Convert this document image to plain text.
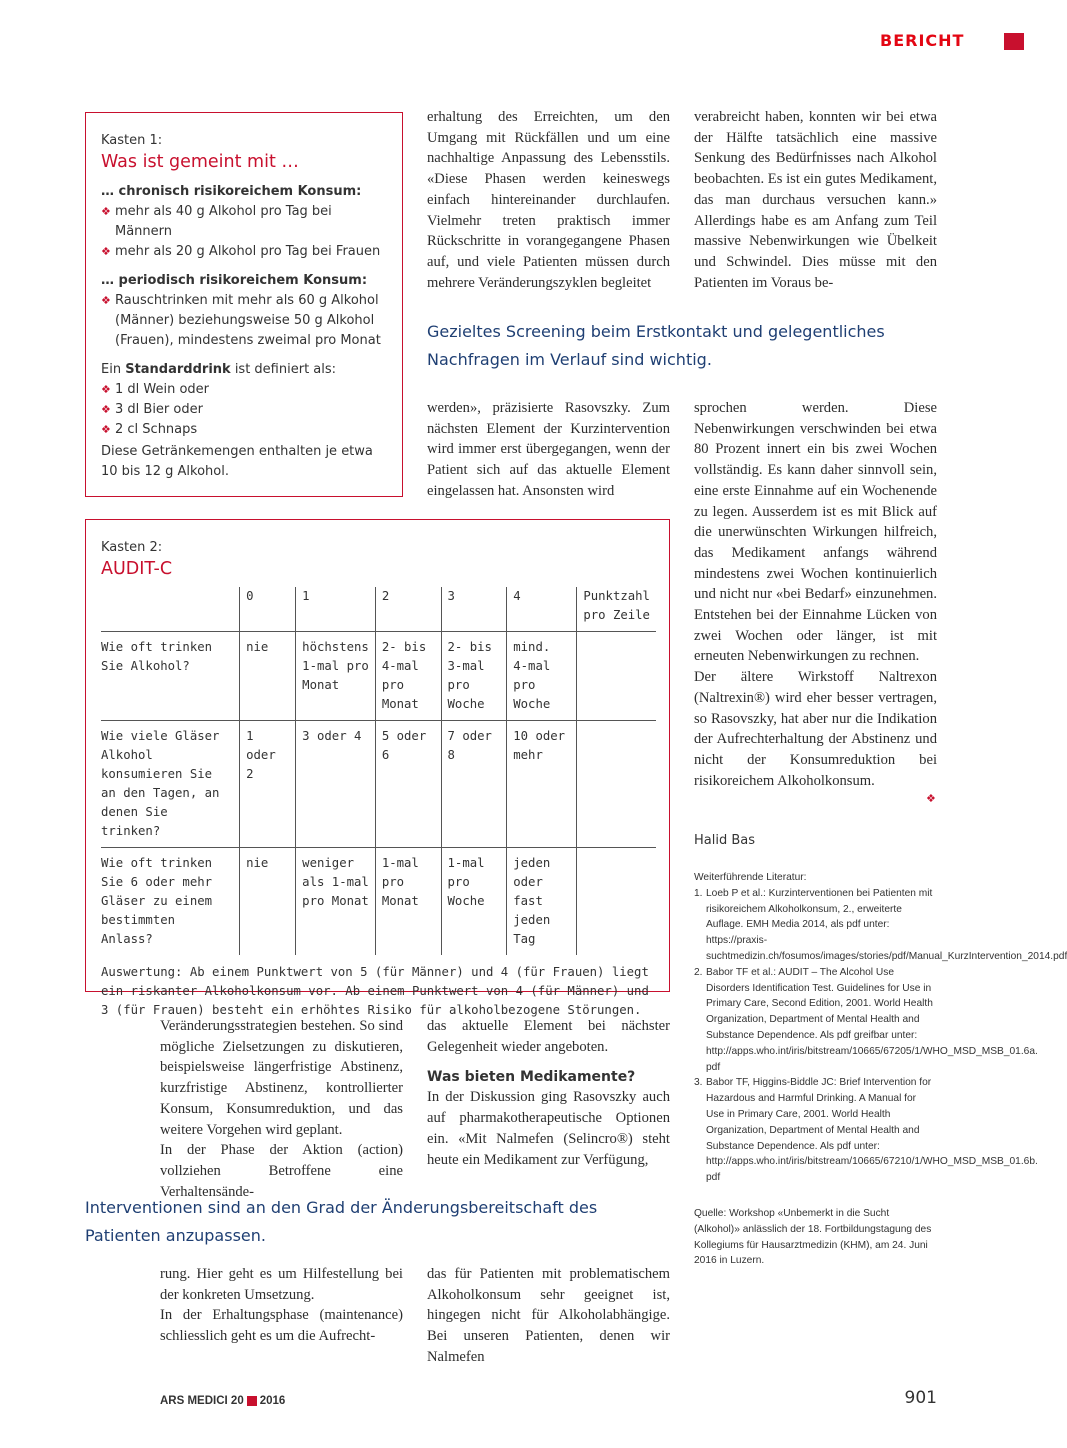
BERICHT
Kasten 1:
Was ist gemeint mit …
… chronisch risikoreichem Konsum:
❖ mehr als 40 g Alkohol pro Tag bei Männern
❖ mehr als 20 g Alkohol pro Tag bei Frauen
… periodisch risikoreichem Konsum:
❖ Rauschtrinken mit mehr als 60 g Alkohol (Männer) beziehungsweise 50 g Alkohol (Frauen), mindestens zweimal pro Monat
Ein Standarddrink ist definiert als:
❖ 1 dl Wein oder
❖ 3 dl Bier oder
❖ 2 cl Schnaps
Diese Getränkemengen enthalten je etwa 10 bis 12 g Alkohol.
erhaltung des Erreichten, um den Umgang mit Rückfällen und um eine nachhaltige Anpassung des Lebensstils. «Diese Phasen werden keineswegs einfach hintereinander durchlaufen. Vielmehr treten praktisch immer Rückschritte in vorangegangene Phasen auf, und viele Patienten müssen durch mehrere Veränderungszyklen begleitet
verabreicht haben, konnten wir bei etwa der Hälfte tatsächlich eine massive Senkung des Bedürfnisses nach Alkohol beobachten. Es ist ein gutes Medikament, das man durchaus versuchen kann.» Allerdings habe es am Anfang zum Teil massive Nebenwirkungen wie Übelkeit und Schwindel. Dies müsse mit den Patienten im Voraus be-
Gezieltes Screening beim Erstkontakt und gelegentliches Nachfragen im Verlauf sind wichtig.
werden», präzisierte Rasovszky. Zum nächsten Element der Kurzintervention wird immer erst übergegangen, wenn der Patient sich auf das aktuelle Element eingelassen hat. Ansonsten wird

sprochen werden. Diese Nebenwirkungen verschwinden bei etwa 80 Prozent innert ein bis zwei Wochen vollständig. Es kann daher sinnvoll sein, eine erste Einnahme auf ein Wochenende zu legen. Ausserdem ist es mit Blick auf die unerwünschten Wirkungen hilfreich, das Medikament anfangs während mindestens zwei Wochen kontinuierlich und nicht nur «bei Bedarf» einzunehmen. Entstehen bei der Einnahme Lücken von zwei Wochen oder länger, ist mit erneuten Nebenwirkungen zu rechnen.

Der ältere Wirkstoff Naltrexon (Naltrexin®) wird eher besser vertragen, so Rasovszky, hat aber nur die Indikation der Aufrechterhaltung der Abstinenz und nicht der Konsumreduktion bei risikoreichem Alkoholkonsum.

❖
Kasten 2:
AUDIT-C
	0	1	2	3	4	Punktzahl pro Zeile
Wie oft trinken Sie Alkohol?	nie	höchstens 1-mal pro Monat	2- bis 4-mal pro Monat	2- bis 3-mal pro Woche	mind. 4-mal pro Woche	
Wie viele Gläser Alkohol konsumieren Sie an den Tagen, an denen Sie trinken?	1 oder 2	3 oder 4	5 oder 6	7 oder 8	10 oder mehr	
Wie oft trinken Sie 6 oder mehr Gläser zu einem bestimmten Anlass?	nie	weniger als 1-mal pro Monat	1-mal pro Monat	1-mal pro Woche	jeden oder fast jeden Tag	
Auswertung: Ab einem Punktwert von 5 (für Männer) und 4 (für Frauen) liegt ein riskanter Alkoholkonsum vor. Ab einem Punktwert von 4 (für Männer) und 3 (für Frauen) besteht ein erhöhtes Risiko für alkoholbezogene Störungen.

Veränderungsstrategien bestehen. So sind mögliche Zielsetzungen zu diskutieren, beispielsweise längerfristige Abstinenz, kurzfristige Abstinenz, kontrollierter Konsum, Konsumreduktion, und das weitere Vorgehen wird geplant.

In der Phase der Aktion (action) vollziehen Betroffene eine Verhaltensände-

das aktuelle Element bei nächster Gelegenheit wieder angeboten.

Was bieten Medikamente?

In der Diskussion ging Rasovszky auch auf pharmakotherapeutische Optionen ein. «Mit Nalmefen (Selincro®) steht heute ein Medikament zur Verfügung,

Interventionen sind an den Grad der Änderungsbereitschaft des Patienten anzupassen.

rung. Hier geht es um Hilfestellung bei der konkreten Umsetzung.

In der Erhaltungsphase (maintenance) schliesslich geht es um die Aufrecht-

das für Patienten mit problematischem Alkoholkonsum sehr geeignet ist, hingegen nicht für Alkoholabhängige. Bei unseren Patienten, denen wir Nalmefen
Halid Bas
Weiterführende Literatur:
1. Loeb P et al.: Kurzinterventionen bei Patienten mit risikoreichem Alkoholkonsum, 2., erweiterte Auflage. EMH Media 2014, als pdf unter: https://praxis-suchtmedizin.ch/fosumos/images/stories/pdf/Manual_KurzIntervention_2014.pdf
2. Babor TF et al.: AUDIT – The Alcohol Use Disorders Identification Test. Guidelines for Use in Primary Care, Second Edition, 2001. World Health Organization, Department of Mental Health and Substance Dependence. Als pdf greifbar unter: http://apps.who.int/iris/bitstream/10665/67205/1/WHO_MSD_MSB_01.6a. pdf
3. Babor TF, Higgins-Biddle JC: Brief Intervention for Hazardous and Harmful Drinking. A Manual for Use in Primary Care, 2001. World Health Organization, Department of Mental Health and Substance Dependence. Als pdf unter: http://apps.who.int/iris/bitstream/10665/67210/1/WHO_MSD_MSB_01.6b. pdf
Quelle: Workshop «Unbemerkt in die Sucht (Alkohol)» anlässlich der 18. Fortbildungstagung des Kollegiums für Hausarztmedizin (KHM), am 24. Juni 2016 in Luzern.
ARS MEDICI 20 2016	901
